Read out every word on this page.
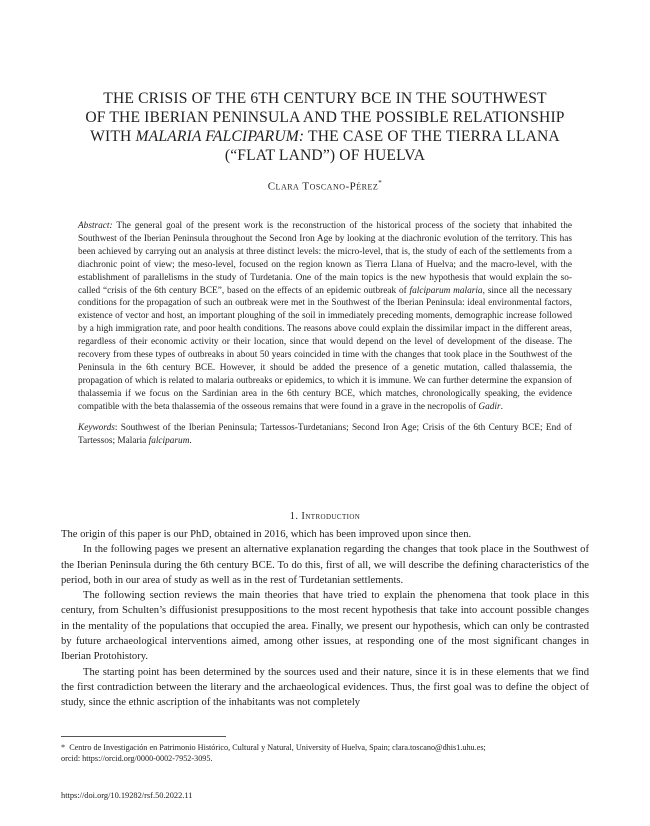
THE CRISIS OF THE 6TH CENTURY BCE IN THE SOUTHWEST
OF THE IBERIAN PENINSULA AND THE POSSIBLE RELATIONSHIP
WITH MALARIA FALCIPARUM: THE CASE OF THE TIERRA LLANA
(“FLAT LAND”) OF HUELVA
Clara Toscano-Pérez*

Abstract: The general goal of the present work is the reconstruction of the historical process of the society that inhabited the Southwest of the Iberian Peninsula throughout the Second Iron Age by looking at the diachronic evolution of the territory. This has been achieved by carrying out an analysis at three distinct levels: the micro-level, that is, the study of each of the settlements from a diachronic point of view; the meso-level, focused on the region known as Tierra Llana of Huelva; and the macro-level, with the establishment of parallelisms in the study of Turdetania. One of the main topics is the new hypothesis that would explain the so-called “crisis of the 6th century BCE”, based on the effects of an epidemic outbreak of falciparum malaria, since all the necessary conditions for the propagation of such an outbreak were met in the Southwest of the Iberian Peninsula: ideal environmental factors, existence of vector and host, an important ploughing of the soil in immediately preceding moments, demographic increase followed by a high immigration rate, and poor health conditions. The reasons above could explain the dissimilar impact in the different areas, regardless of their economic activity or their location, since that would depend on the level of development of the disease. The recovery from these types of outbreaks in about 50 years coincided in time with the changes that took place in the Southwest of the Peninsula in the 6th century BCE. However, it should be added the presence of a genetic mutation, called thalassemia, the propagation of which is related to malaria outbreaks or epidemics, to which it is immune. We can further determine the expansion of thalassemia if we focus on the Sardinian area in the 6th century BCE, which matches, chronologically speaking, the evidence compatible with the beta thalassemia of the osseous remains that were found in a grave in the necropolis of Gadir.

Keywords: Southwest of the Iberian Peninsula; Tartessos-Turdetanians; Second Iron Age; Crisis of the 6th Century BCE; End of Tartessos; Malaria falciparum.

1. Introduction

The origin of this paper is our PhD, obtained in 2016, which has been improved upon since then.

In the following pages we present an alternative explanation regarding the changes that took place in the Southwest of the Iberian Peninsula during the 6th century BCE. To do this, first of all, we will describe the defining characteristics of the period, both in our area of study as well as in the rest of Turdetanian settlements.

The following section reviews the main theories that have tried to explain the phenomena that took place in this century, from Schulten’s diffusionist presuppositions to the most recent hypothesis that take into account possible changes in the mentality of the populations that occupied the area. Finally, we present our hypothesis, which can only be contrasted by future archaeological interventions aimed, among other issues, at responding one of the most significant changes in Iberian Protohistory.

The starting point has been determined by the sources used and their nature, since it is in these elements that we find the first contradiction between the literary and the archaeological evidences. Thus, the first goal was to define the object of study, since the ethnic ascription of the inhabitants was not completely

* Centro de Investigación en Patrimonio Histórico, Cultural y Natural, University of Huelva, Spain; clara.toscano@dhis1.uhu.es;
orcid: https://orcid.org/0000-0002-7952-3095.
https://doi.org/10.19282/rsf.50.2022.11
